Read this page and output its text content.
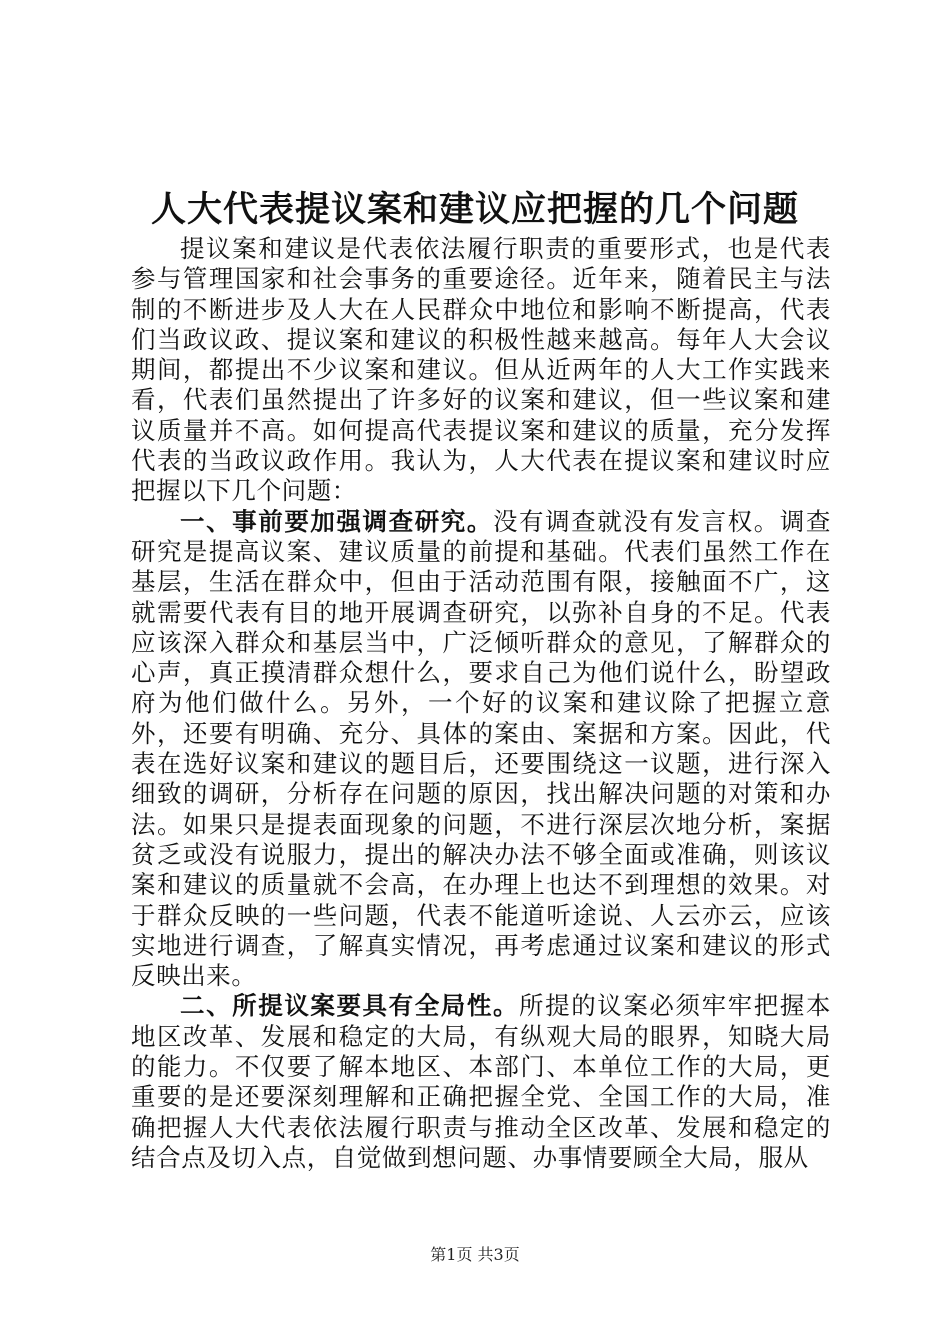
人大代表提议案和建议应把握的几个问题

提议案和建议是代表依法履行职责的重要形式，也是代表参与管理国家和社会事务的重要途径。近年来，随着民主与法制的不断进步及人大在人民群众中地位和影响不断提高，代表们当政议政、提议案和建议的积极性越来越高。每年人大会议期间，都提出不少议案和建议。但从近两年的人大工作实践来看，代表们虽然提出了许多好的议案和建议，但一些议案和建议质量并不高。如何提高代表提议案和建议的质量，充分发挥代表的当政议政作用。我认为，人大代表在提议案和建议时应把握以下几个问题：

一、事前要加强调查研究。没有调查就没有发言权。调查研究是提高议案、建议质量的前提和基础。代表们虽然工作在基层，生活在群众中，但由于活动范围有限，接触面不广，这就需要代表有目的地开展调查研究，以弥补自身的不足。代表应该深入群众和基层当中，广泛倾听群众的意见，了解群众的心声，真正摸清群众想什么，要求自己为他们说什么，盼望政府为他们做什么。另外，一个好的议案和建议除了把握立意外，还要有明确、充分、具体的案由、案据和方案。因此，代表在选好议案和建议的题目后，还要围绕这一议题，进行深入细致的调研，分析存在问题的原因，找出解决问题的对策和办法。如果只是提表面现象的问题，不进行深层次地分析，案据贫乏或没有说服力，提出的解决办法不够全面或准确，则该议案和建议的质量就不会高，在办理上也达不到理想的效果。对于群众反映的一些问题，代表不能道听途说、人云亦云，应该实地进行调查，了解真实情况，再考虑通过议案和建议的形式反映出来。

二、所提议案要具有全局性。所提的议案必须牢牢把握本地区改革、发展和稳定的大局，有纵观大局的眼界，知晓大局的能力。不仅要了解本地区、本部门、本单位工作的大局，更重要的是还要深刻理解和正确把握全党、全国工作的大局，准确把握人大代表依法履行职责与推动全区改革、发展和稳定的结合点及切入点，自觉做到想问题、办事情要顾全大局，服从

第1页 共3页
